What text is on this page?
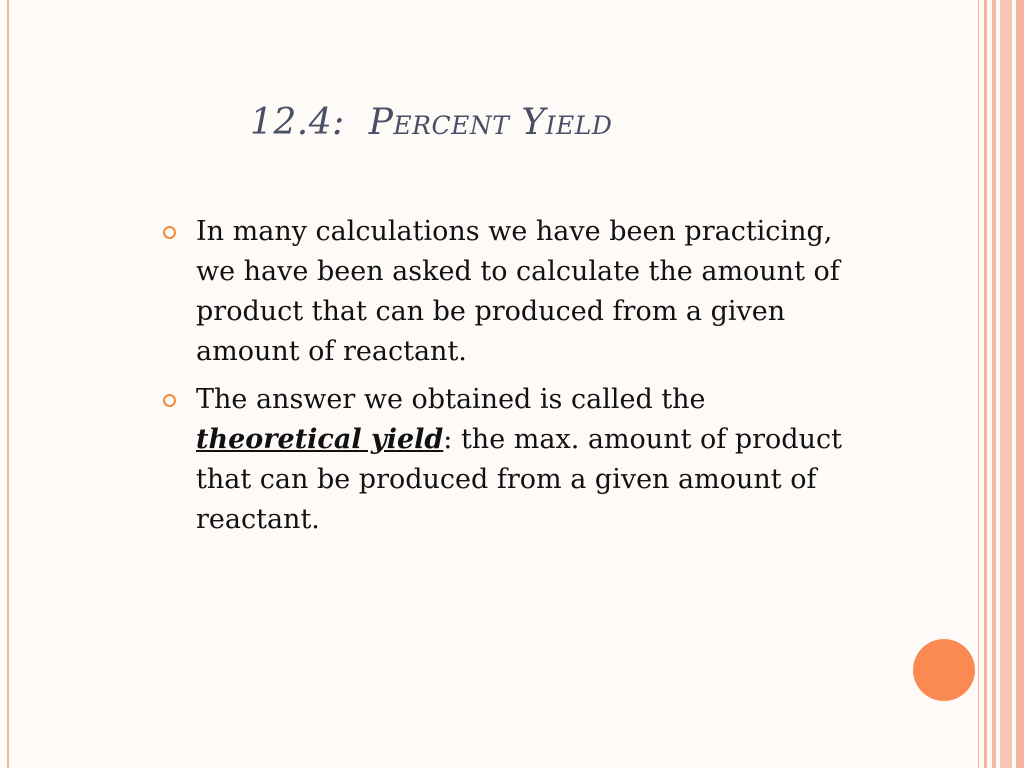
12.4: Percent Yield
In many calculations we have been practicing,
we have been asked to calculate the amount of
product that can be produced from a given
amount of reactant.
The answer we obtained is called the
theoretical yield: the max. amount of product
that can be produced from a given amount of
reactant.
